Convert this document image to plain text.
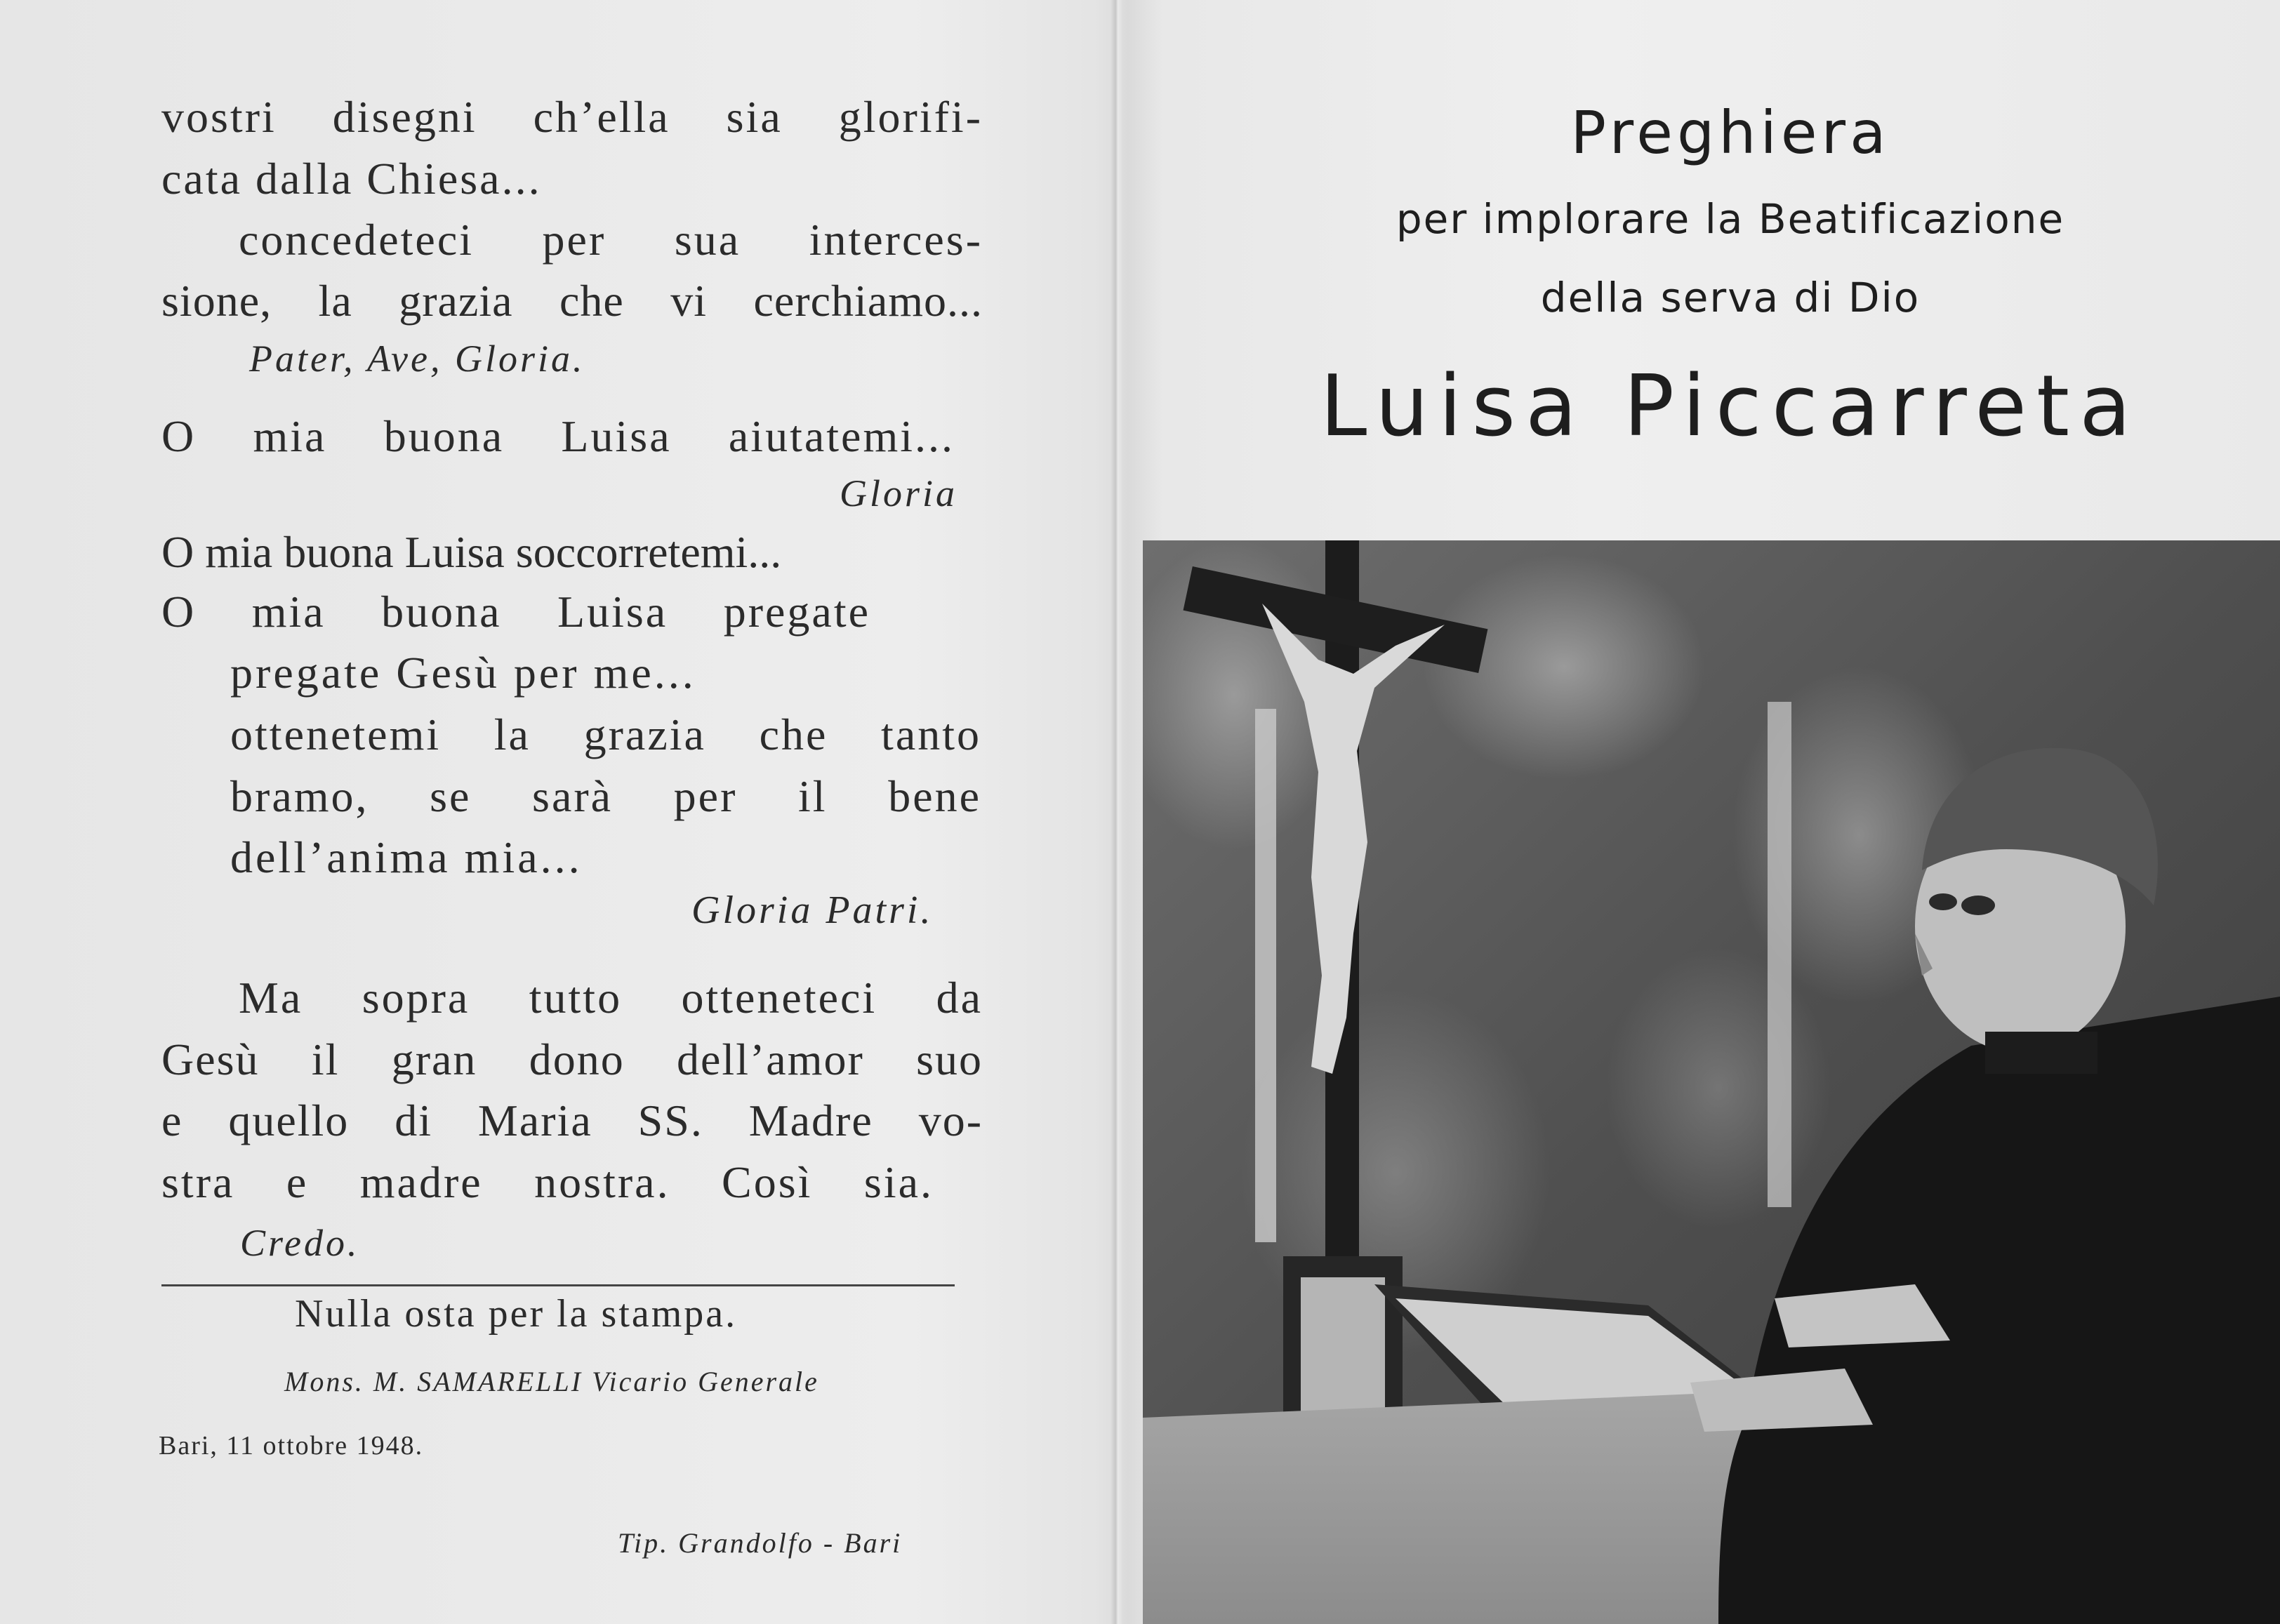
vostri disegni ch’ella sia glorifi-
cata dalla Chiesa...
concedeteci per sua interces-
sione, la grazia che vi cerchiamo...
Pater, Ave, Gloria.
O mia buona Luisa aiutatemi...
Gloria
O mia buona Luisa soccorretemi...
O mia buona Luisa pregate
pregate Gesù per me...
ottenetemi la grazia che tanto
bramo, se sarà per il bene
dell’anima mia...
Gloria Patri.
Ma sopra tutto otteneteci da
Gesù il gran dono dell’amor suo
e quello di Maria SS. Madre vo-
stra e madre nostra. Così sia.
Credo.
Nulla osta per la stampa.
Mons. M. SAMARELLI Vicario Generale
Bari, 11 ottobre 1948.
Tip. Grandolfo - Bari
Preghiera
per implorare la Beatificazione
della serva di Dio
Luisa Piccarreta
